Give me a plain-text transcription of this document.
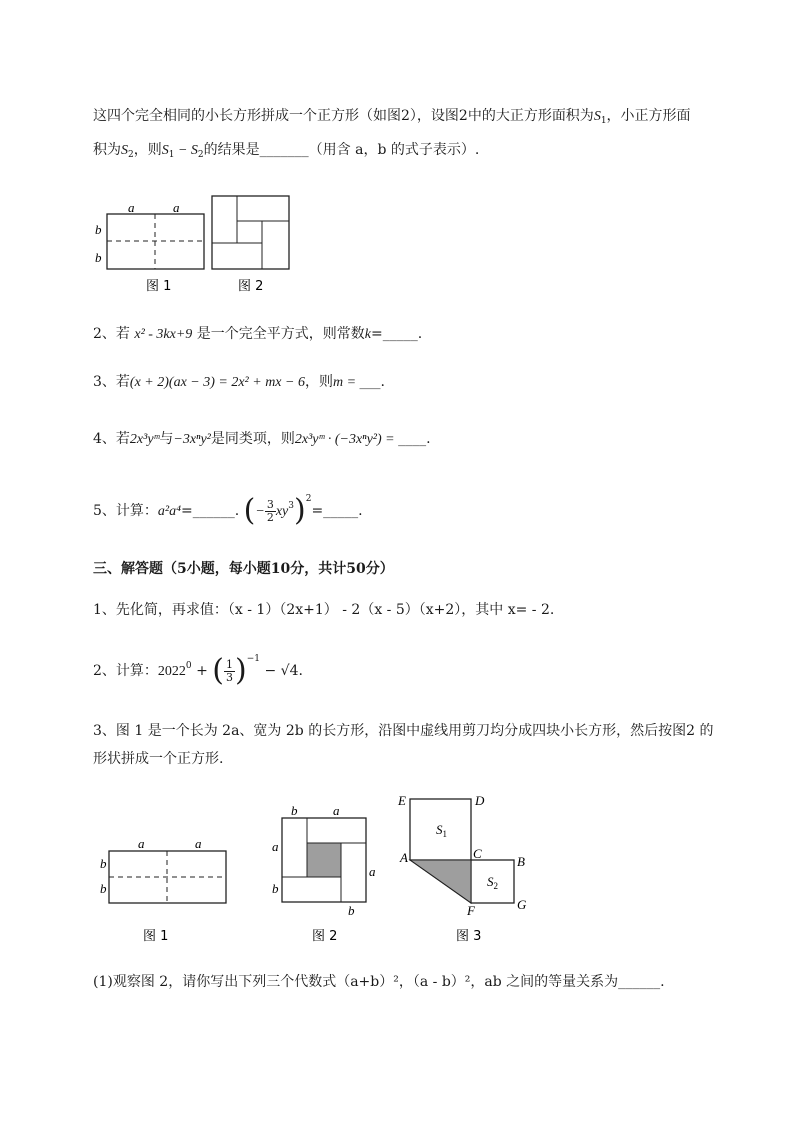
这四个完全相同的小长方形拼成一个正方形（如图2），设图2中的大正方形面积为$S_1$，小正方形面
积为$S_2$，则$S_1 - S_2$的结果是_______（用含 a，b 的式子表示）.
a	a
b
b
图 1	图 2
a	a
b
b
图 1
b	a
a
b
a
b
图 2
E	D
A	C
B
F	G
$S_1$
$S_2$
图 3
2、若 x² - 3kx+9 是一个完全平方式，则常数k=_____.
3、若(x + 2)(ax − 3) = 2x² + mx − 6，则m = ___.
4、若2x³yᵐ与−3xⁿy²是同类项，则2x³yᵐ · (−3xⁿy²) = ____.
5、计算：a²a⁴=______. (− $\frac{3}{2}$ $xy^3)^2=\_\_\_\_\_$.
三、解答题（5小题，每小题10分，共计50分）
1、先化简，再求值：（x - 1）（2x+1） - 2（x - 5）（x+2），其中 x= - 2.
2、计算：$2022^0$ + ( $\frac{1}{3} )^{-1} - √4$.
3、图 1 是一个长为 2a、宽为 2b 的长方形，沿图中虚线用剪刀均分成四块小长方形，然后按图2 的
形状拼成一个正方形.
(1)观察图 2，请你写出下列三个代数式（a+b）²，（a - b）²，ab 之间的等量关系为______.
